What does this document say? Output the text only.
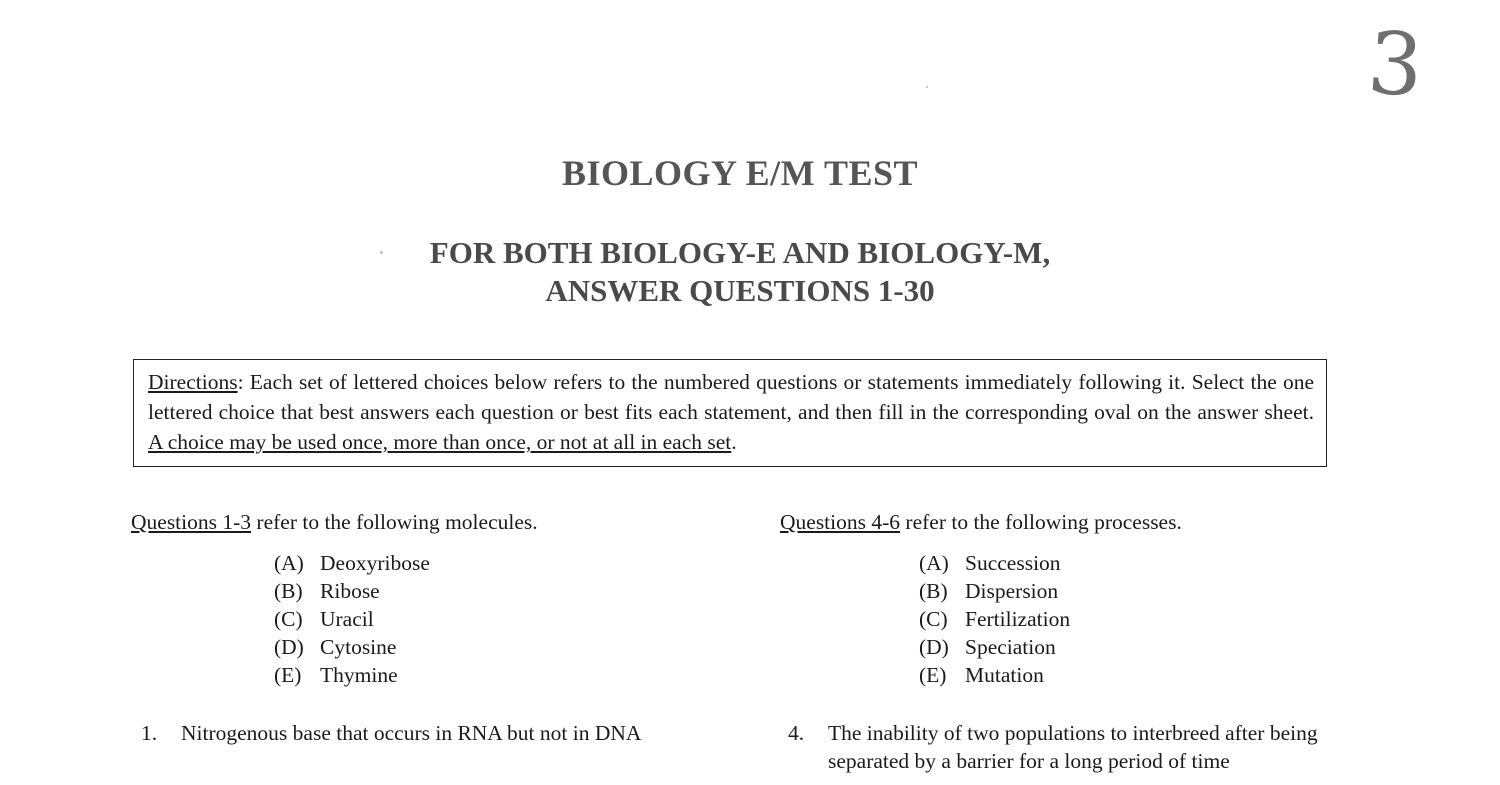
3
BIOLOGY E/M TEST
FOR BOTH BIOLOGY-E AND BIOLOGY-M,
ANSWER QUESTIONS 1-30
Directions: Each set of lettered choices below refers to the numbered questions or statements immediately following it. Select the one lettered choice that best answers each question or best fits each statement, and then fill in the corresponding oval on the answer sheet. A choice may be used once, more than once, or not at all in each set.

Questions 1-3 refer to the following molecules.

(A) Deoxyribose
(B) Ribose
(C) Uracil
(D) Cytosine
(E) Thymine
1.	Nitrogenous base that occurs in RNA but not in DNA

Questions 4-6 refer to the following processes.

(A) Succession
(B) Dispersion
(C) Fertilization
(D) Speciation
(E) Mutation
4.	The inability of two populations to interbreed after being separated by a barrier for a long period of time
